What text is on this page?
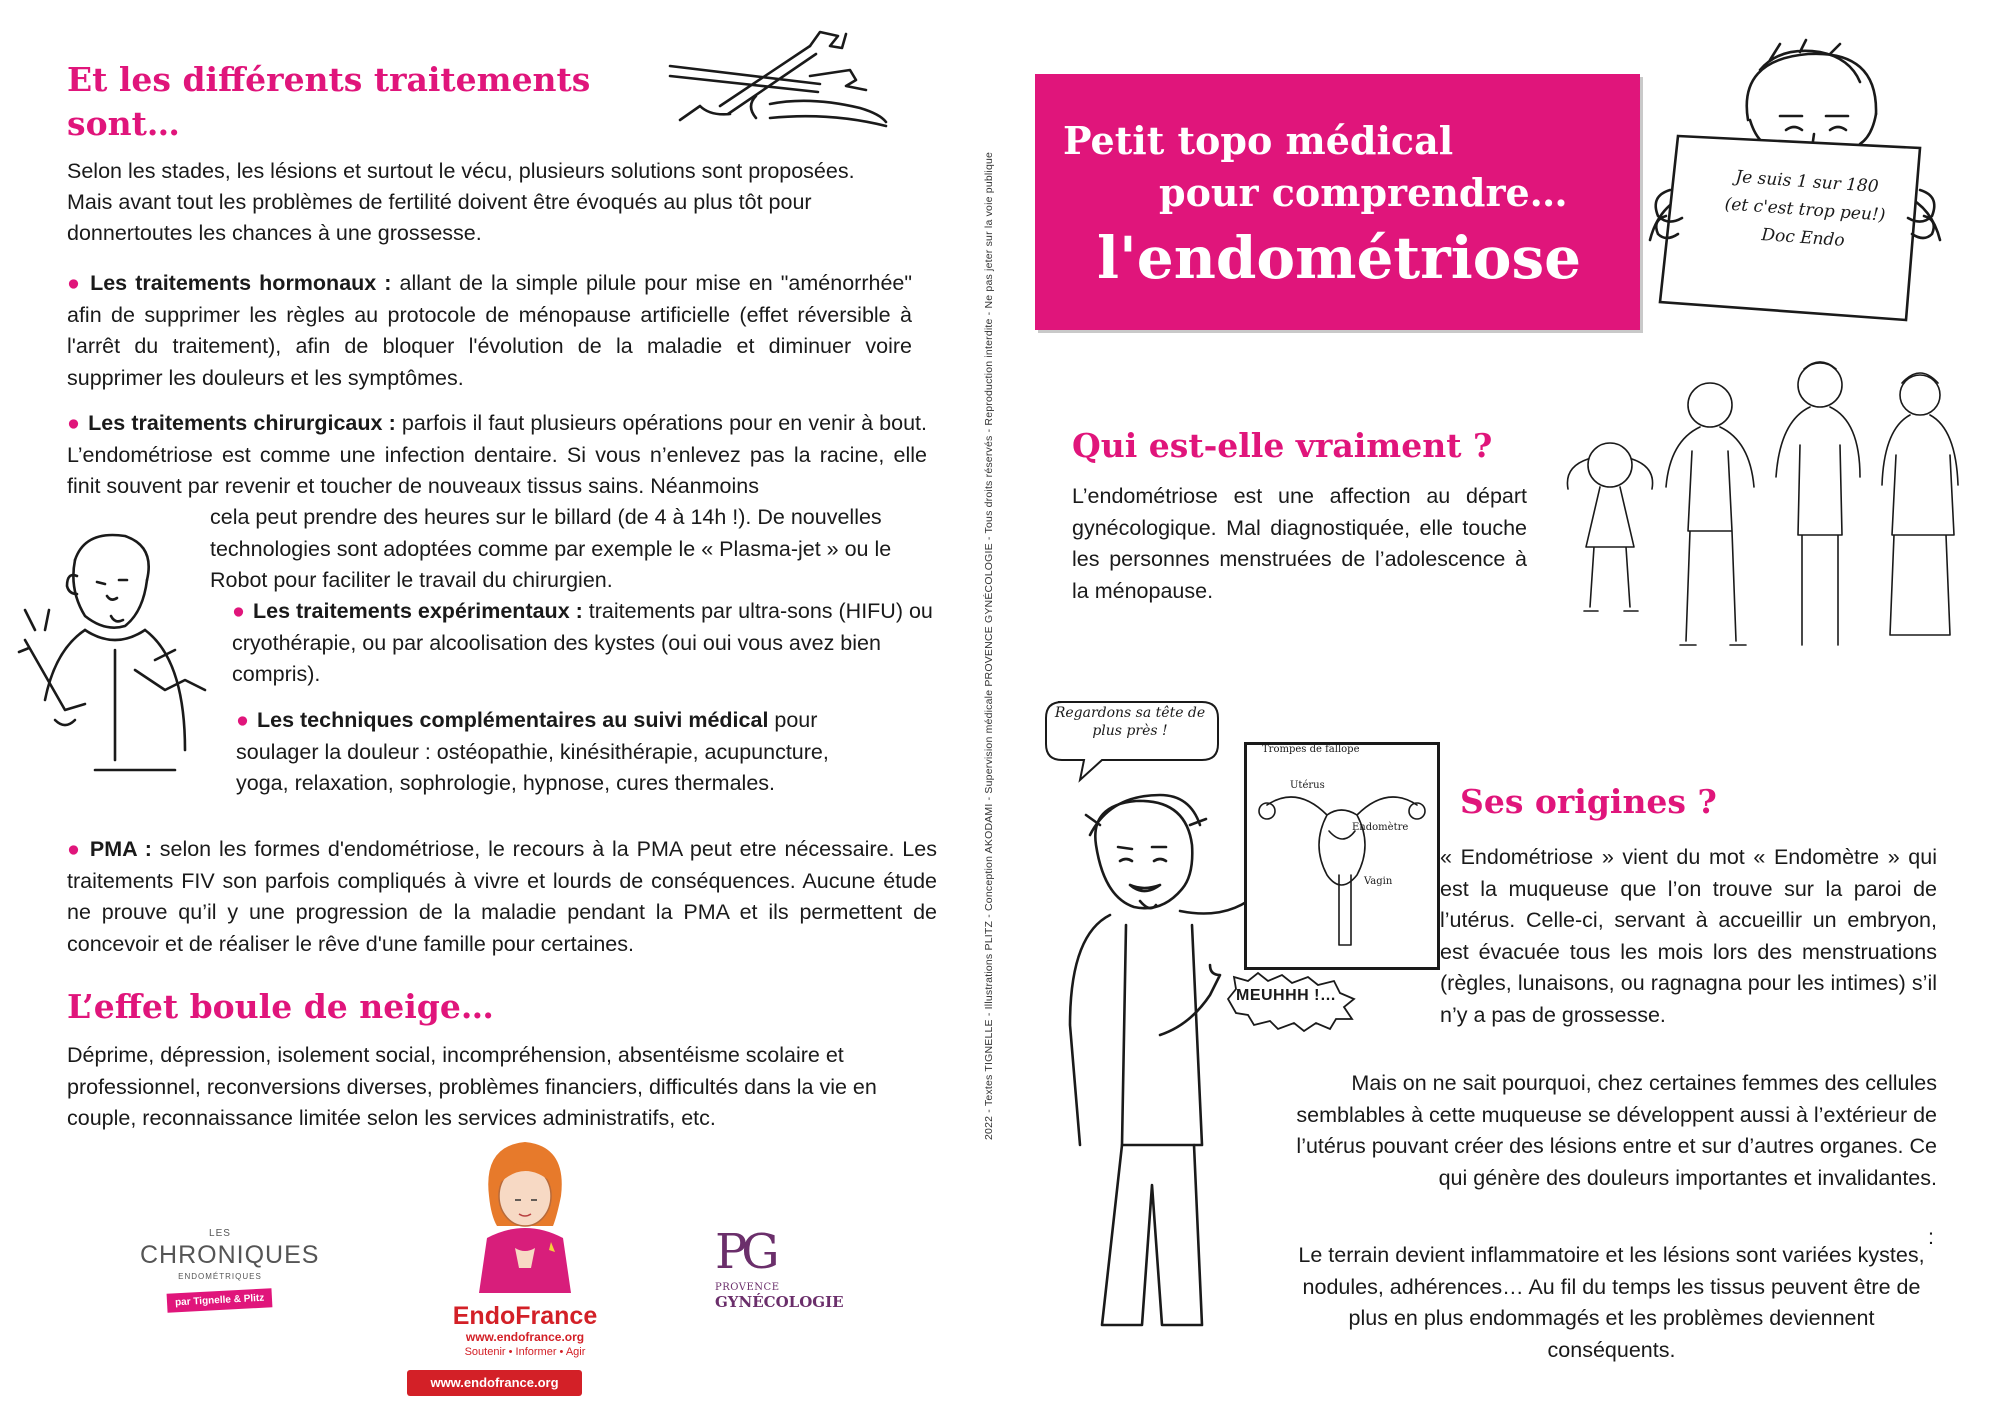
Et les différents traitements
sont…

Selon les stades, les lésions et surtout le vécu, plusieurs solutions sont proposées.

Mais avant tout les problèmes de fertilité doivent être évoqués au plus tôt pour

donnertoutes les chances à une grossesse.

● Les traitements hormonaux : allant de la simple pilule pour mise en "aménorrhée" afin de supprimer les règles au protocole de ménopause artificielle (effet réversible à l'arrêt du traitement), afin de bloquer l'évolution de la maladie et diminuer voire supprimer les douleurs et les symptômes.

● Les traitements chirurgicaux : parfois il faut plusieurs opérations pour en venir à bout. L’endométriose est comme une infection dentaire. Si vous n’enlevez pas la racine, elle finit souvent par revenir et toucher de nouveaux tissus sains. Néanmoins

cela peut prendre des heures sur le billard (de 4 à 14h !). De nouvelles technologies sont adoptées comme par exemple le « Plasma-jet » ou le Robot pour faciliter le travail du chirurgien.

● Les traitements expérimentaux : traitements par ultra-sons (HIFU) ou cryothérapie, ou par alcoolisation des kystes (oui oui vous avez bien compris).

● Les techniques complémentaires au suivi médical pour soulager la douleur : ostéopathie, kinésithérapie, acupuncture, yoga, relaxation, sophrologie, hypnose, cures thermales.

● PMA : selon les formes d'endométriose, le recours à la PMA peut etre nécessaire. Les traitements FIV son parfois compliqués à vivre et lourds de conséquences. Aucune étude ne prouve qu’il y une progression de la maladie pendant la PMA et ils permettent de concevoir et de réaliser le rêve d'une famille pour certaines.

L’effet boule de neige…

Déprime, dépression, isolement social, incompréhension, absentéisme scolaire et professionnel, reconversions diverses, problèmes financiers, difficultés dans la vie en couple, reconnaissance limitée selon les services administratifs, etc.

LES
CHRONIQUES
ENDOMÉTRIQUES
par Tignelle & Plitz
EndoFrance
www.endofrance.org
Soutenir • Informer • Agir
www.endofrance.org
PG
PROVENCE
GYNÉCOLOGIE
2022 - Textes TIGNELLE - Illustrations PLITZ - Conception AKODAMI - Supervision médicale PROVENCE GYNÉCOLOGIE - Tous droits réservés - Reproduction interdite - Ne pas jeter sur la voie publique
Petit topo médical
pour comprendre…
l'endométriose
Je suis 1 sur 180
(et c'est trop peu!)
Doc Endo
Qui est-elle vraiment ?

L’endométriose est une affection au départ gynécologique. Mal diagnostiquée, elle touche les personnes menstruées de l’adolescence à la ménopause.

Regardons sa tête de plus près !
Trompes de fallope
Utérus
Endomètre
Vagin
MEUHHH !…
Ses origines ?

« Endométriose » vient du mot « Endomètre » qui est la muqueuse que l’on trouve sur la paroi de l’utérus. Celle-ci, servant à accueillir un embryon, est évacuée tous les mois lors des menstruations (règles, lunaisons, ou ragnagna pour les intimes) s’il n’y a pas de grossesse.

Mais on ne sait pourquoi, chez certaines femmes des cellules semblables à cette muqueuse se développent aussi à l’extérieur de l’utérus pouvant créer des lésions entre et sur d’autres organes. Ce qui génère des douleurs importantes et invalidantes.

:

Le terrain devient inflammatoire et les lésions sont variées kystes, nodules, adhérences… Au fil du temps les tissus peuvent être de plus en plus endommagés et les problèmes deviennent conséquents.
